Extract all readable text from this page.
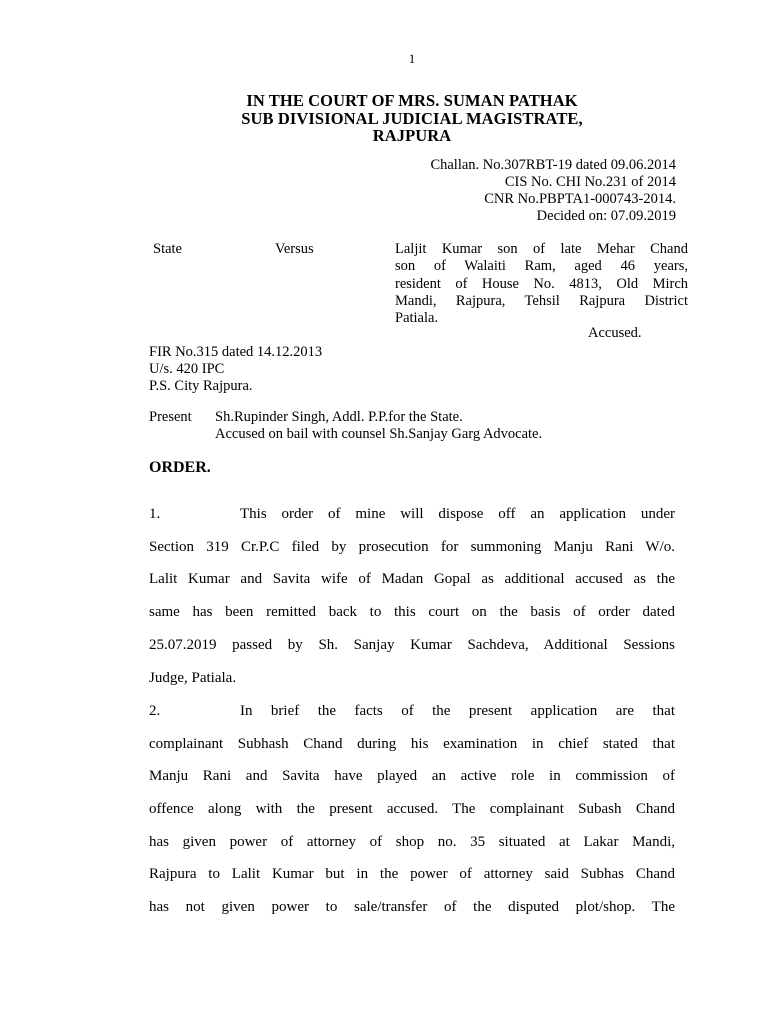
1
IN THE COURT OF MRS. SUMAN PATHAK
SUB DIVISIONAL JUDICIAL MAGISTRATE,
RAJPURA
Challan. No.307RBT-19 dated 09.06.2014
CIS No. CHI No.231 of 2014
CNR No.PBPTA1-000743-2014.
Decided on: 07.09.2019
State	Versus	Laljit Kumar son of late Mehar Chand
son of Walaiti Ram, aged 46 years,
resident of House No. 4813, Old Mirch
Mandi, Rajpura, Tehsil Rajpura District
Patiala.
Accused.
FIR No.315 dated 14.12.2013
U/s. 420 IPC
P.S. City Rajpura.
Present Sh.Rupinder Singh, Addl. P.P.for the State.
Accused on bail with counsel Sh.Sanjay Garg Advocate.
ORDER.
1.	This order of mine will dispose off an application under
Section 319 Cr.P.C filed by prosecution for summoning Manju Rani W/o.
Lalit Kumar and Savita wife of Madan Gopal as additional accused as the
same has been remitted back to this court on the basis of order dated
25.07.2019 passed by Sh. Sanjay Kumar Sachdeva, Additional Sessions
Judge, Patiala.
2.	In brief the facts of the present application are that
complainant Subhash Chand during his examination in chief stated that
Manju Rani and Savita have played an active role in commission of
offence along with the present accused. The complainant Subash Chand
has given power of attorney of shop no. 35 situated at Lakar Mandi,
Rajpura to Lalit Kumar but in the power of attorney said Subhas Chand
has not given power to sale/transfer of the disputed plot/shop. The
